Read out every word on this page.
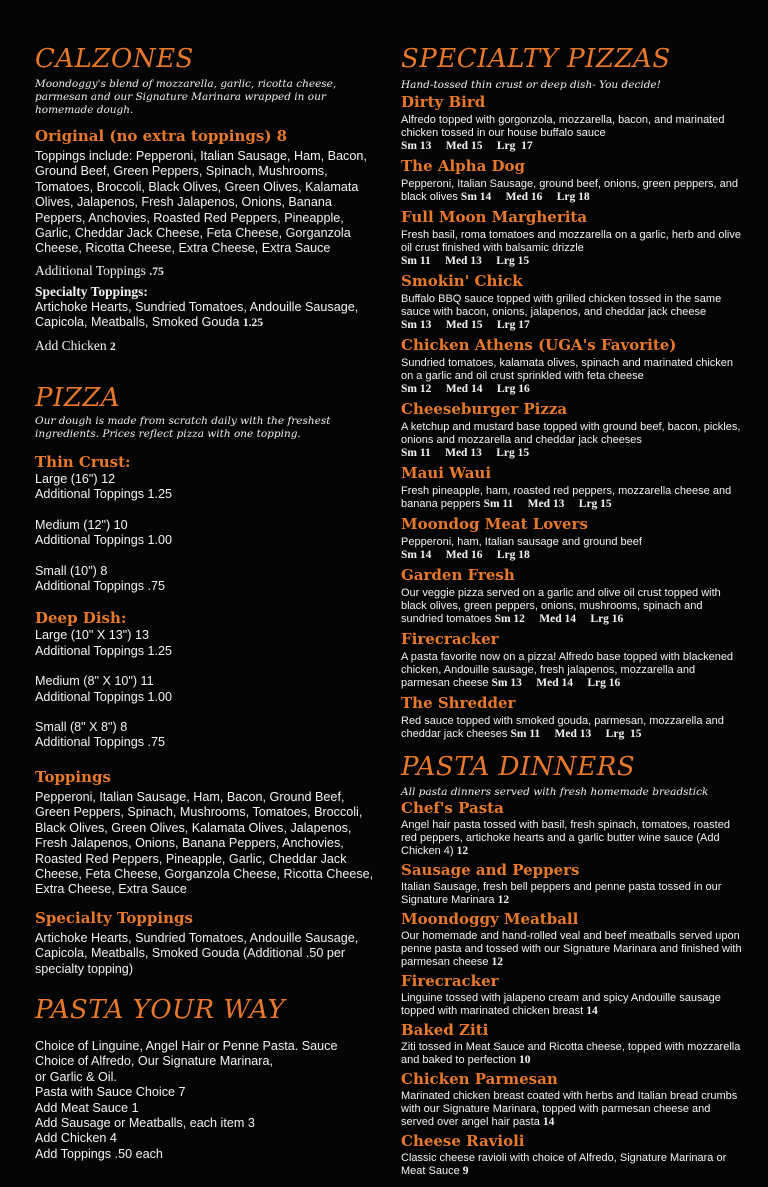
CALZONES
Moondoggy's blend of mozzarella, garlic, ricotta cheese, parmesan and our Signature Marinara wrapped in our homemade dough.
Original (no extra toppings) 8
Toppings include: Pepperoni, Italian Sausage, Ham, Bacon, Ground Beef, Green Peppers, Spinach, Mushrooms, Tomatoes, Broccoli, Black Olives, Green Olives, Kalamata Olives, Jalapenos, Fresh Jalapenos, Onions, Banana Peppers, Anchovies, Roasted Red Peppers, Pineapple, Garlic, Cheddar Jack Cheese, Feta Cheese, Gorganzola Cheese, Ricotta Cheese, Extra Cheese, Extra Sauce
Additional Toppings .75
Specialty Toppings:
Artichoke Hearts, Sundried Tomatoes, Andouille Sausage, Capicola, Meatballs, Smoked Gouda 1.25
Add Chicken 2
PIZZA
Our dough is made from scratch daily with the freshest ingredients. Prices reflect pizza with one topping.
Thin Crust:
Large (16") 12
Additional Toppings 1.25
Medium (12") 10
Additional Toppings 1.00
Small (10") 8
Additional Toppings .75
Deep Dish:
Large (10" X 13") 13
Additional Toppings 1.25
Medium (8" X 10") 11
Additional Toppings 1.00
Small (8" X 8") 8
Additional Toppings .75
Toppings
Pepperoni, Italian Sausage, Ham, Bacon, Ground Beef, Green Peppers, Spinach, Mushrooms, Tomatoes, Broccoli, Black Olives, Green Olives, Kalamata Olives, Jalapenos, Fresh Jalapenos, Onions, Banana Peppers, Anchovies, Roasted Red Peppers, Pineapple, Garlic, Cheddar Jack Cheese, Feta Cheese, Gorganzola Cheese, Ricotta Cheese, Extra Cheese, Extra Sauce
Specialty Toppings
Artichoke Hearts, Sundried Tomatoes, Andouille Sausage, Capicola, Meatballs, Smoked Gouda (Additional .50 per specialty topping)
PASTA YOUR WAY
Choice of Linguine, Angel Hair or Penne Pasta. Sauce Choice of Alfredo, Our Signature Marinara,
or Garlic & Oil.
Pasta with Sauce Choice 7
Add Meat Sauce 1
Add Sausage or Meatballs, each item 3
Add Chicken 4
Add Toppings .50 each
SPECIALTY PIZZAS
Hand-tossed thin crust or deep dish- You decide!
Dirty Bird
Alfredo topped with gorgonzola, mozzarella, bacon, and marinated chicken tossed in our house buffalo sauce
Sm 13     Med 15     Lrg  17
The Alpha Dog
Pepperoni, Italian Sausage, ground beef, onions, green peppers, and black olives Sm 14     Med 16     Lrg 18
Full Moon Margherita
Fresh basil, roma tomatoes and mozzarella on a garlic, herb and olive oil crust finished with balsamic drizzle
Sm 11     Med 13     Lrg 15
Smokin' Chick
Buffalo BBQ sauce topped with grilled chicken tossed in the same sauce with bacon, onions, jalapenos, and cheddar jack cheese Sm 13     Med 15     Lrg 17
Chicken Athens (UGA's Favorite)
Sundried tomatoes, kalamata olives, spinach and marinated chicken on a garlic and oil crust sprinkled with feta cheese
Sm 12     Med 14     Lrg 16
Cheeseburger Pizza
A ketchup and mustard base topped with ground beef, bacon, pickles, onions and mozzarella and cheddar jack cheeses
Sm 11     Med 13     Lrg 15
Maui Waui
Fresh pineapple, ham, roasted red peppers, mozzarella cheese and banana peppers Sm 11     Med 13     Lrg 15
Moondog Meat Lovers
Pepperoni, ham, Italian sausage and ground beef
Sm 14     Med 16     Lrg 18
Garden Fresh
Our veggie pizza served on a garlic and olive oil crust topped with black olives, green peppers, onions, mushrooms, spinach and sundried tomatoes Sm 12     Med 14     Lrg 16
Firecracker
A pasta favorite now on a pizza! Alfredo base topped with blackened chicken, Andouille sausage, fresh jalapenos, mozzarella and parmesan cheese Sm 13     Med 14     Lrg 16
The Shredder
Red sauce topped with smoked gouda, parmesan, mozzarella and cheddar jack cheeses Sm 11     Med 13     Lrg  15
PASTA DINNERS
All pasta dinners served with fresh homemade breadstick
Chef's Pasta
Angel hair pasta tossed with basil, fresh spinach, tomatoes, roasted red peppers, artichoke hearts and a garlic butter wine sauce (Add Chicken 4) 12
Sausage and Peppers
Italian Sausage, fresh bell peppers and penne pasta tossed in our Signature Marinara 12
Moondoggy Meatball
Our homemade and hand-rolled veal and beef meatballs served upon penne pasta and tossed with our Signature Marinara and finished with parmesan cheese 12
Firecracker
Linguine tossed with jalapeno cream and spicy Andouille sausage topped with marinated chicken breast 14
Baked Ziti
Ziti tossed in Meat Sauce and Ricotta cheese, topped with mozzarella and baked to perfection 10
Chicken Parmesan
Marinated chicken breast coated with herbs and Italian bread crumbs with our Signature Marinara, topped with parmesan cheese and served over angel hair pasta 14
Cheese Ravioli
Classic cheese ravioli with choice of Alfredo, Signature Marinara or Meat Sauce 9
